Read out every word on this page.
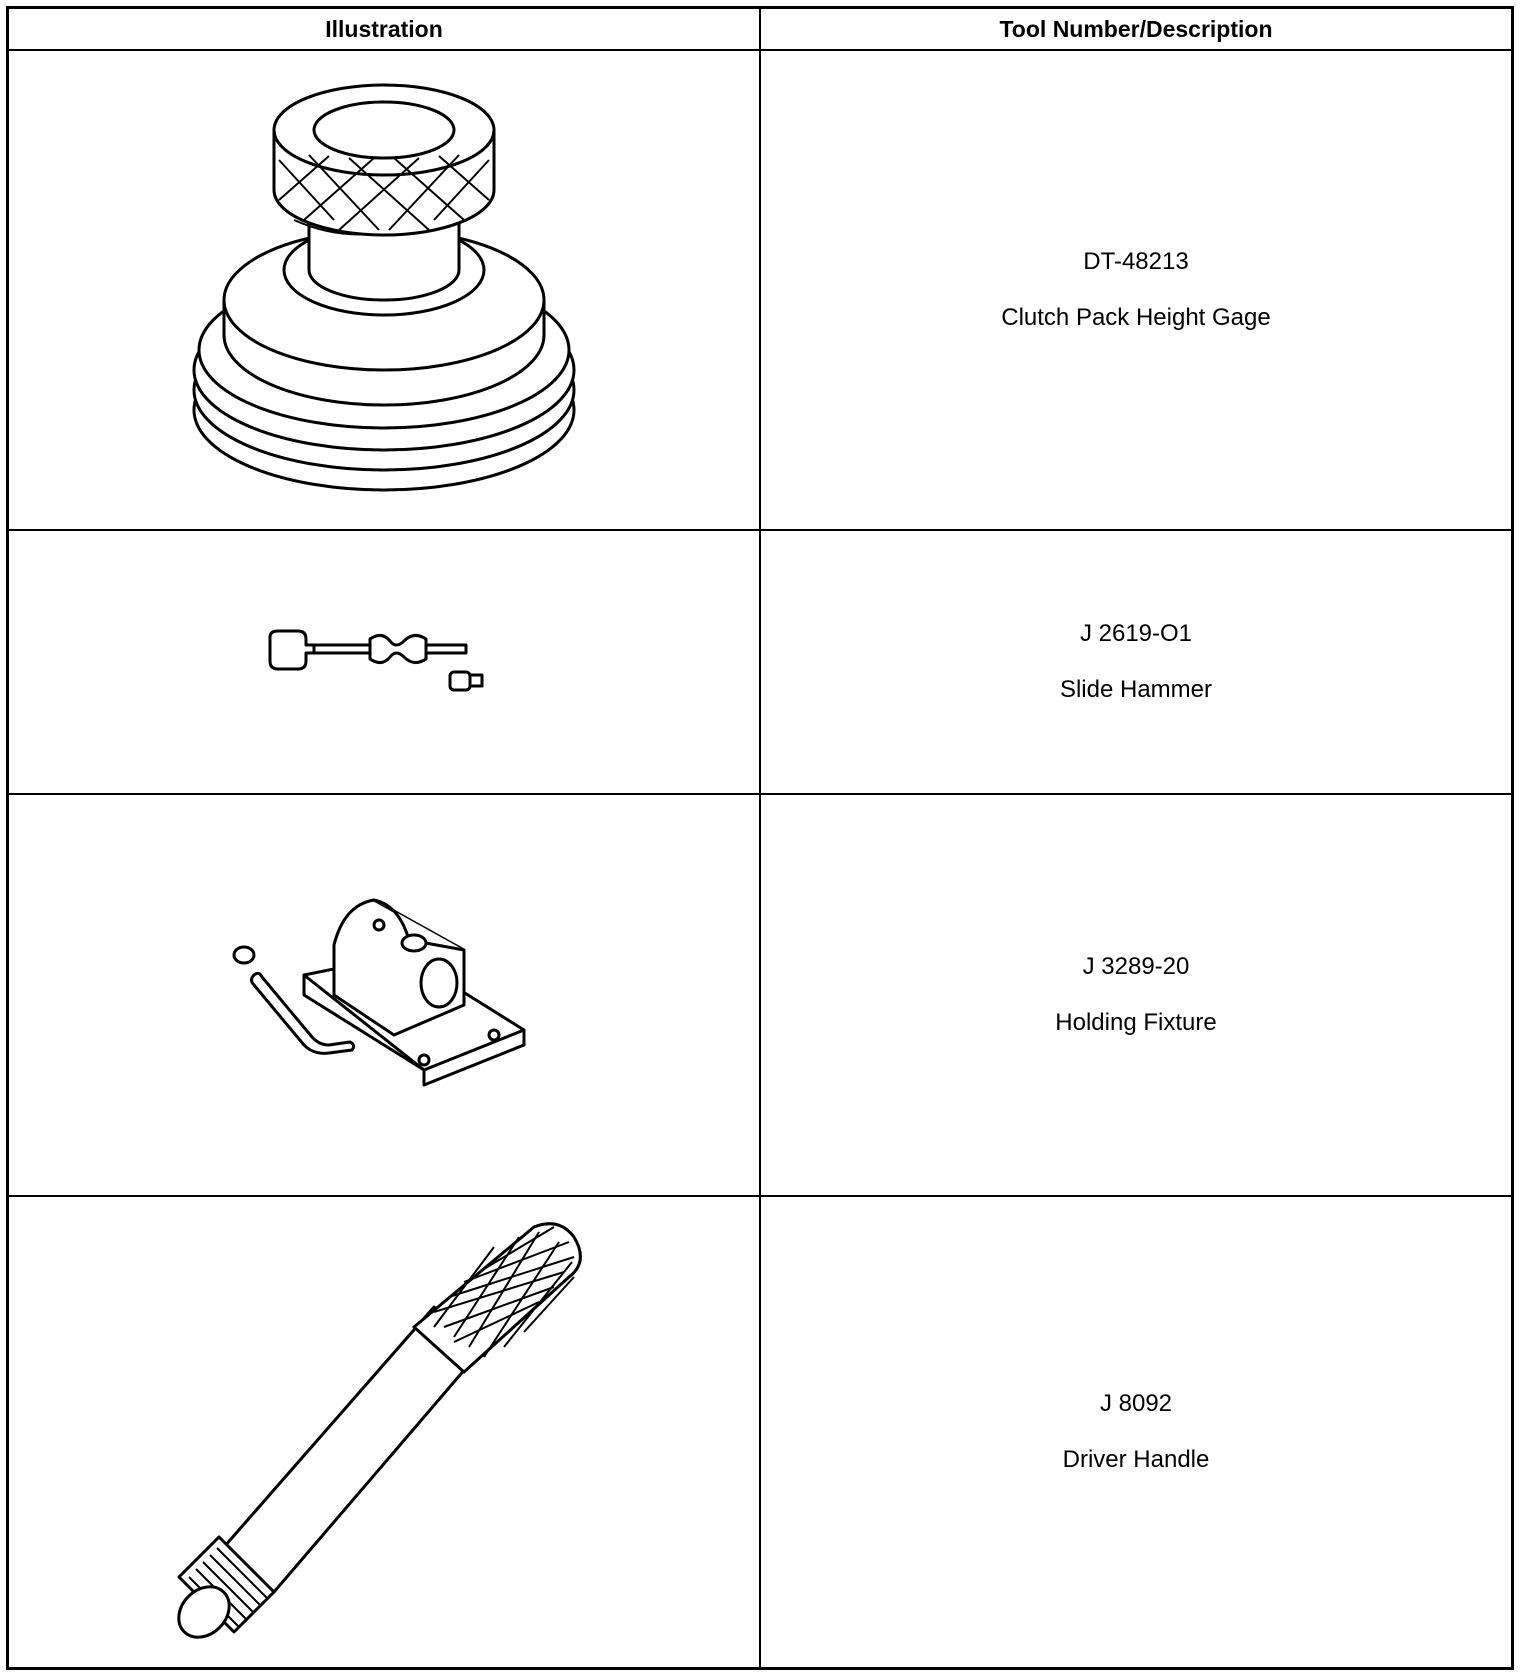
Illustration	Tool Number/Description

DT-48213
Clutch Pack Height Gage

J 2619-O1
Slide Hammer

J 3289-20
Holding Fixture

J 8092
Driver Handle
